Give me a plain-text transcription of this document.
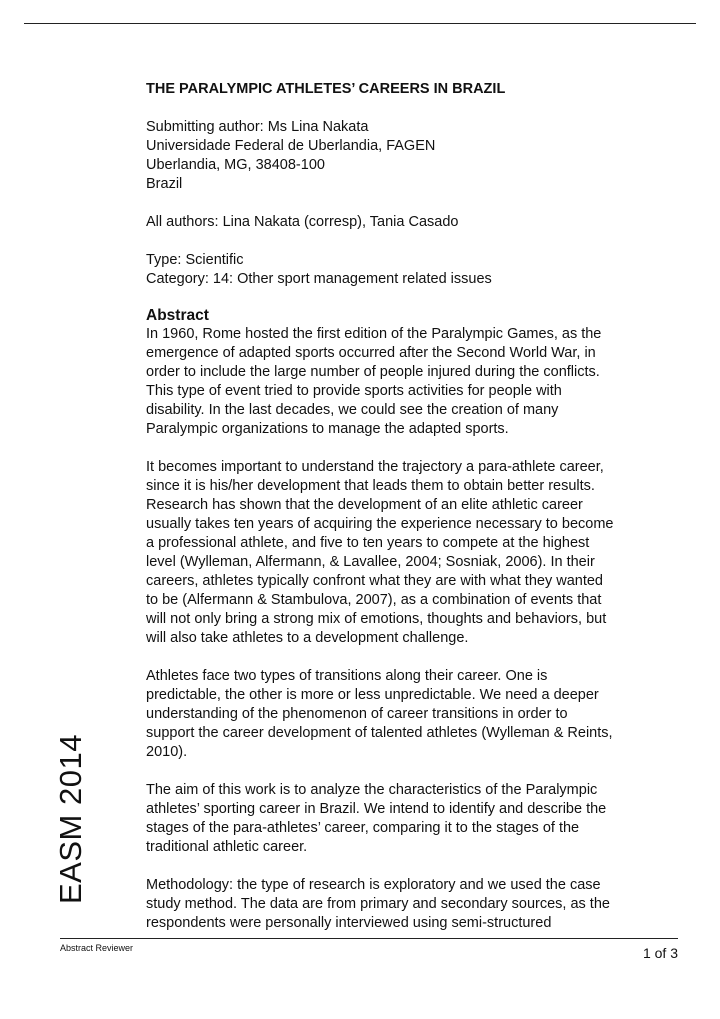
THE PARALYMPIC ATHLETES’ CAREERS IN BRAZIL
Submitting author: Ms Lina Nakata
Universidade Federal de Uberlandia, FAGEN
Uberlandia, MG, 38408-100
Brazil
All authors: Lina Nakata (corresp), Tania Casado
Type: Scientific
Category: 14: Other sport management related issues
Abstract

In 1960, Rome hosted the first edition of the Paralympic Games, as the
emergence of adapted sports occurred after the Second World War, in
order to include the large number of people injured during the conflicts.
This type of event tried to provide sports activities for people with
disability. In the last decades, we could see the creation of many
Paralympic organizations to manage the adapted sports.

It becomes important to understand the trajectory a para-athlete career,
since it is his/her development that leads them to obtain better results.
Research has shown that the development of an elite athletic career
usually takes ten years of acquiring the experience necessary to become
a professional athlete, and five to ten years to compete at the highest
level (Wylleman, Alfermann, & Lavallee, 2004; Sosniak, 2006). In their
careers, athletes typically confront what they are with what they wanted
to be (Alfermann & Stambulova, 2007), as a combination of events that
will not only bring a strong mix of emotions, thoughts and behaviors, but
will also take athletes to a development challenge.

Athletes face two types of transitions along their career. One is
predictable, the other is more or less unpredictable. We need a deeper
understanding of the phenomenon of career transitions in order to
support the career development of talented athletes (Wylleman & Reints,
2010).

The aim of this work is to analyze the characteristics of the Paralympic
athletes’ sporting career in Brazil. We intend to identify and describe the
stages of the para-athletes’ career, comparing it to the stages of the
traditional athletic career.

Methodology: the type of research is exploratory and we used the case
study method. The data are from primary and secondary sources, as the
respondents were personally interviewed using semi-structured

EASM 2014
Abstract Reviewer	1 of 3
